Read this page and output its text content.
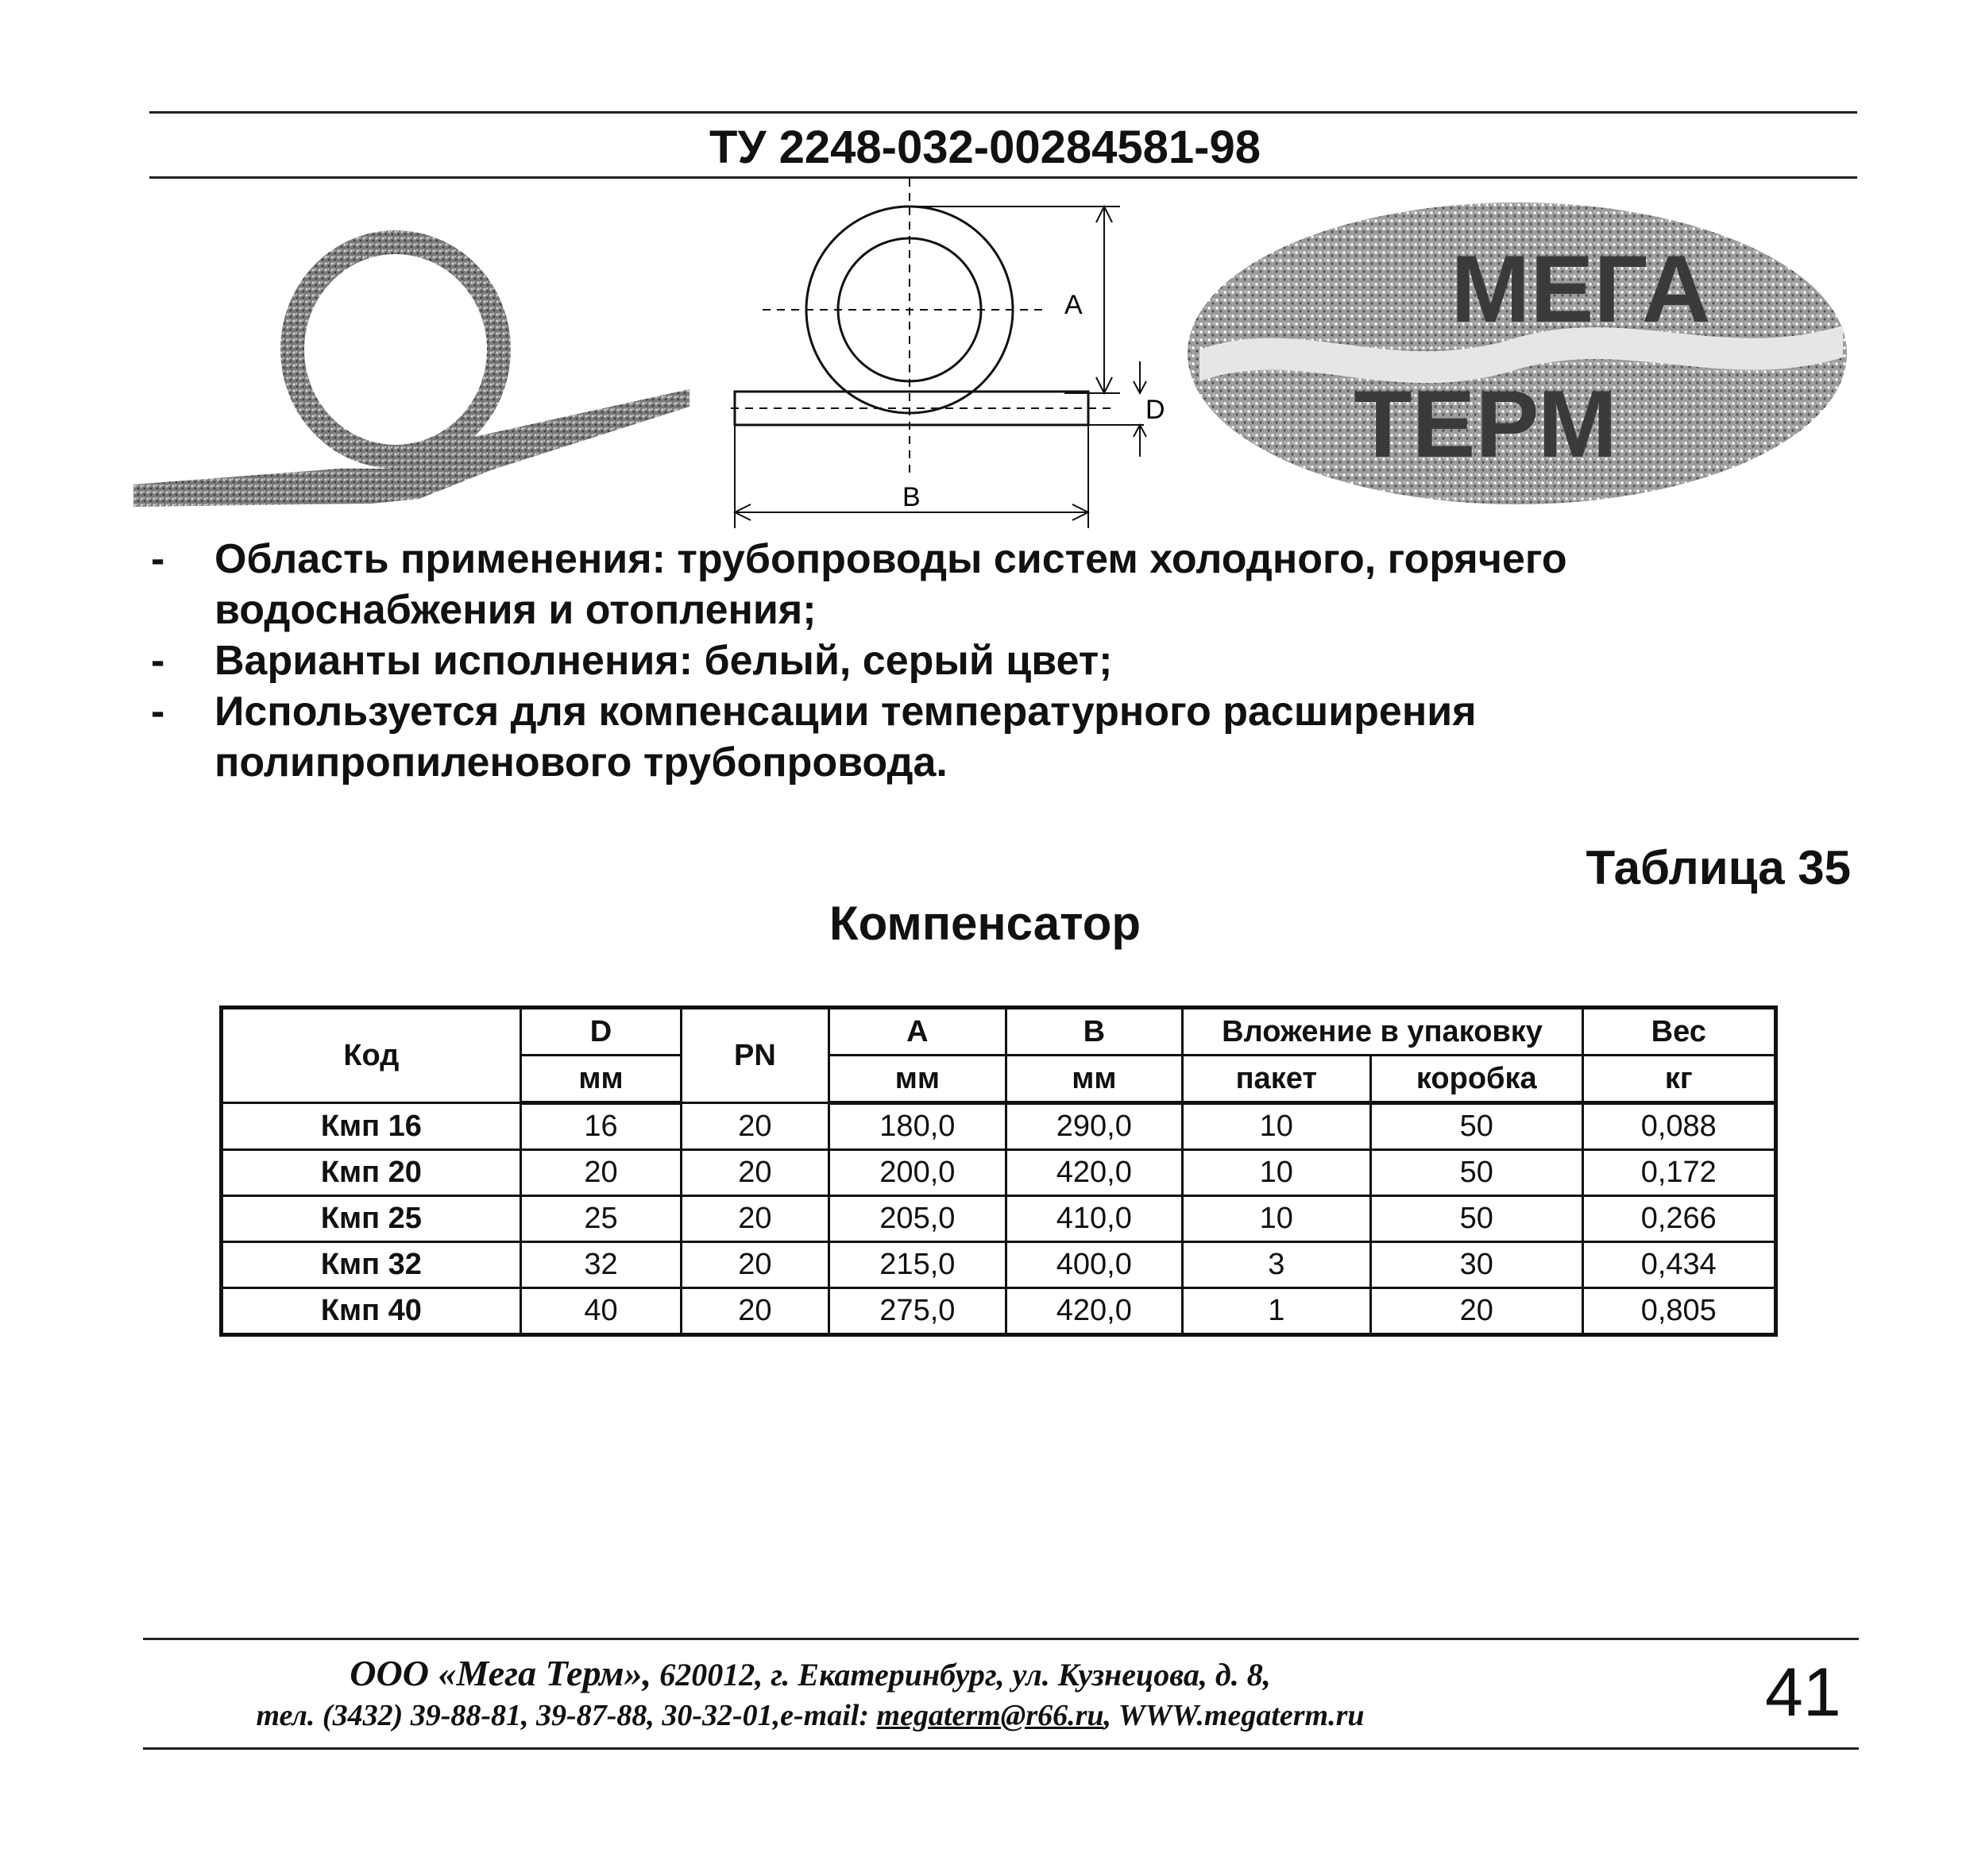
ТУ 2248-032-00284581-98
A
D
B
МЕГА
ТЕРМ
- Область применения: трубопроводы систем холодного, горячего водоснабжения и отопления;
- Варианты исполнения: белый, серый цвет;
- Используется для компенсации температурного расширения полипропиленового трубопровода.
Таблица 35
Компенсатор
Код	D	PN	A	B	Вложение в упаковку		Вес
	мм		мм	мм	пакет	коробка	кг
Кмп 16	16	20	180,0	290,0	10	50	0,088
Кмп 20	20	20	200,0	420,0	10	50	0,172
Кмп 25	25	20	205,0	410,0	10	50	0,266
Кмп 32	32	20	215,0	400,0	3	30	0,434
Кмп 40	40	20	275,0	420,0	1	20	0,805
ООО «Мега Терм», 620012, г. Екатеринбург, ул. Кузнецова, д. 8,
тел. (3432) 39-88-81, 39-87-88, 30-32-01,e-mail: megaterm@r66.ru, WWW.megaterm.ru	41
